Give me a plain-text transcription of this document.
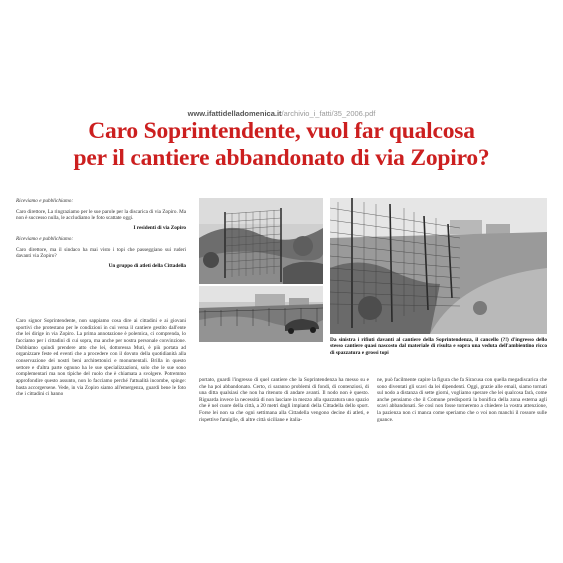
www.ifattidelladomenica.it/archivio_i_fatti/35_2006.pdf
Caro Soprintendente, vuol far qualcosa
per il cantiere abbandonato di via Zopiro?

Riceviamo e pubblichiamo:

Caro direttore, La ringraziamo per le sue parole per la discarica di via Zopiro. Ma non è successo nulla, le accludiamo le foto scattate oggi.

I residenti di via Zopiro

Riceviamo e pubblichiamo:

Caro direttore, ma il sindaco ha mai visto i topi che passeggiano sui ruderi davanti via Zopiro?

Un gruppo di atleti della Cittadella

Da sinistra i rifiuti davanti al cantiere della Soprintendenza, il cancello (?!) d'ingresso dello stesso cantiere quasi nascosto dal materiale di risulta e sopra una veduta dell'ambientino ricco di spazzatura e grossi topi
Caro signor Soprintendente, non sappiamo cosa dire ai cittadini e ai giovani sportivi che protestano per le condizioni in cui versa il cantiere gestito dall'ente che lei dirige in via Zopiro. La prima annotazione è polemica, ci comprenda, lo facciamo per i cittadini di cui sopra, ma anche per nostra personale convinzione. Dobbiamo quindi prendere atto che lei, dottoressa Muti, è più portata ad organizzare feste ed eventi che a procedere con il dovuto della quotidianità alla conservazione dei nostri beni architettonici e monumentali. Brilla in questo settore e d'altra parte ognuno ha le sue specializzazioni, solo che le sue sono complementari ma non tipiche del ruolo che è chiamata a svolgere. Potremmo approfondire questo assunto, non lo facciamo perché l'attualità incombe, spinge: basta accorgersene. Vede, in via Zopiro siamo all'emergenza, guardi bene le foto che i cittadini ci hanno
portato, guardi l'ingresso di quel cantiere che la Soprintendenza ha messo su e che ha poi abbandonato. Certo, ci saranno problemi di fondi, di contenziosi, di una ditta qualsiasi che non ha ritenuto di andare avanti. Il nodo non è questo. Riguarda invece la necessità di non lasciare in mezzo alla spazzatura uno spazio che è nel cuore della città, a 20 metri dagli impianti della Cittadella dello sport. Forse lei non sa che ogni settimana alla Cittadella vengono decine di atleti, e rispettive famiglie, di altre città siciliane e italia-
ne, può facilmente capire la figura che fa Siracusa con quella megadiscarica che sono diventati gli scavi da lei dipendenti. Oggi, grazie alle email, siamo tornati sul nodo a distanza di sette giorni, vogliamo sperare che lei qualcosa farà, come anche pensiamo che il Comune predisporrà la bonifica della zona esterna agli scavi abbandonati. Se così non fosse torneremo a chiedere la vostra attenzione, la pazienza non ci manca come speriamo che o voi non manchi il rossore sulle guance.
